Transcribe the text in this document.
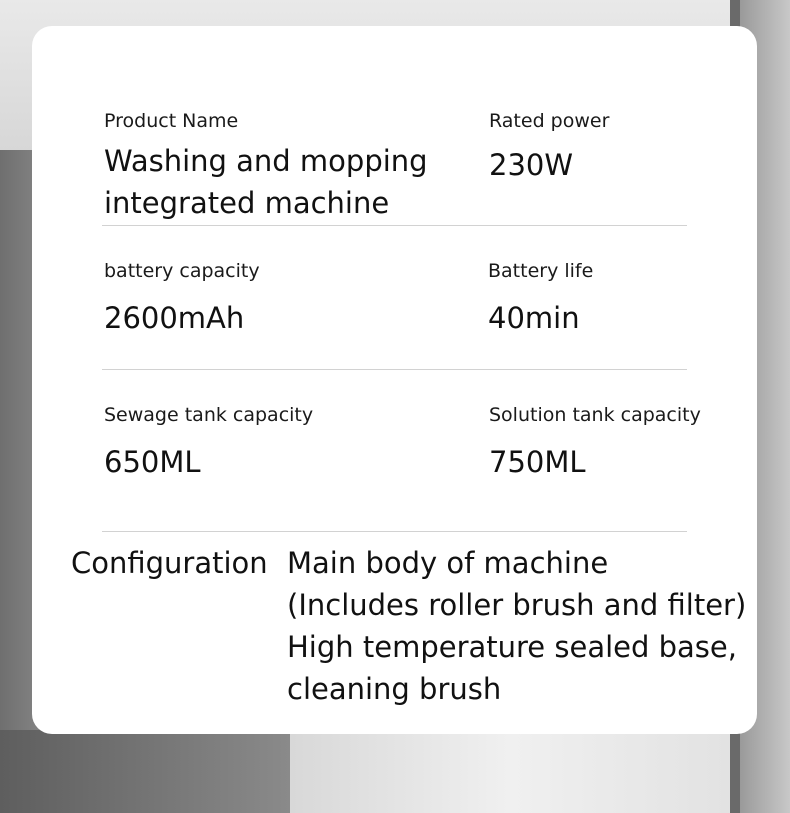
Product Name
Washing and mopping
integrated machine
Rated power
230W
battery capacity
2600mAh
Battery life
40min
Sewage tank capacity
650ML
Solution tank capacity
750ML
Configuration Main body of machine
(Includes roller brush and filter)
High temperature sealed base,
cleaning brush
